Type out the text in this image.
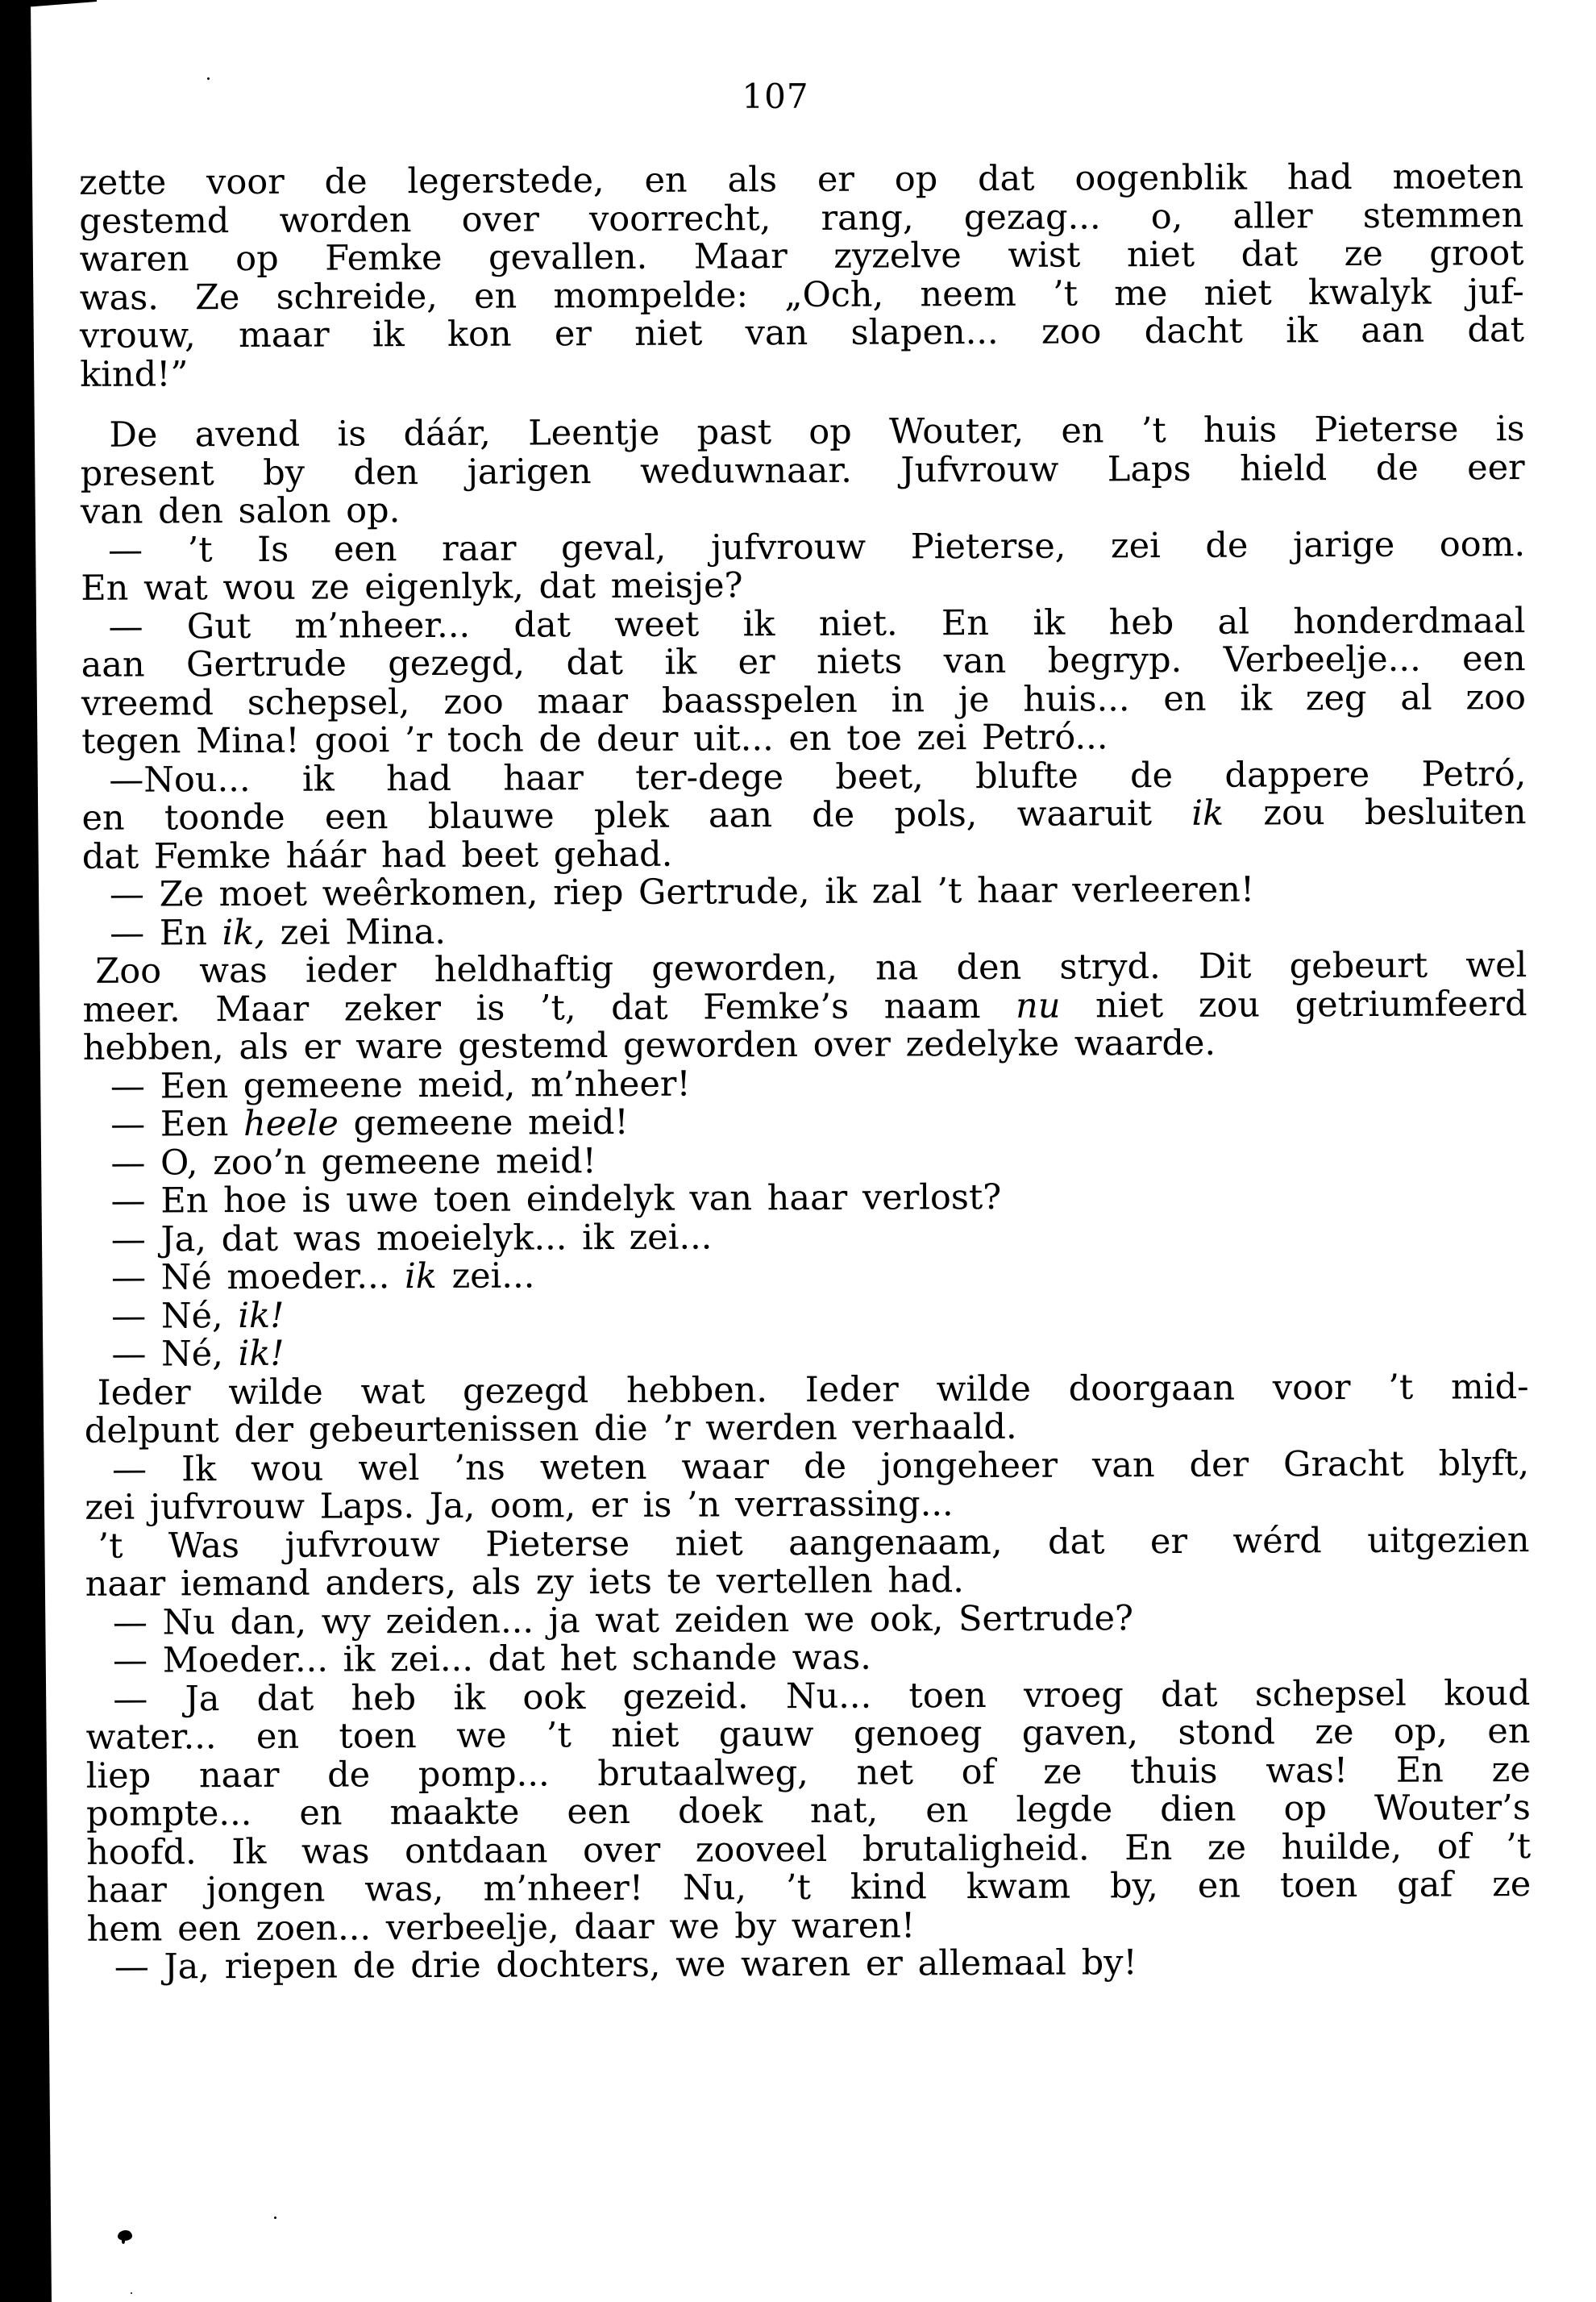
107
zette voor de legerstede, en als er op dat oogenblik had moeten
gestemd worden over voorrecht, rang, gezag... o, aller stemmen
waren op Femke gevallen. Maar zyzelve wist niet dat ze groot
was. Ze schreide, en mompelde: „Och, neem ’t me niet kwalyk juf-
vrouw, maar ik kon er niet van slapen... zoo dacht ik aan dat
kind!”
De avend is dáár, Leentje past op Wouter, en ’t huis Pieterse is
present by den jarigen weduwnaar. Jufvrouw Laps hield de eer
van den salon op.
— ’t Is een raar geval, jufvrouw Pieterse, zei de jarige oom.
En wat wou ze eigenlyk, dat meisje?
— Gut m’nheer... dat weet ik niet. En ik heb al honderdmaal
aan Gertrude gezegd, dat ik er niets van begryp. Verbeelje... een
vreemd schepsel, zoo maar baasspelen in je huis... en ik zeg al zoo
tegen Mina! gooi ’r toch de deur uit... en toe zei Petró...
—Nou... ik had haar ter-dege beet, blufte de dappere Petró,
en toonde een blauwe plek aan de pols, waaruit ik zou besluiten
dat Femke háár had beet gehad.
— Ze moet weêrkomen, riep Gertrude, ik zal ’t haar verleeren!
— En ik, zei Mina.
Zoo was ieder heldhaftig geworden, na den stryd. Dit gebeurt wel
meer. Maar zeker is ’t, dat Femke’s naam nu niet zou getriumfeerd
hebben, als er ware gestemd geworden over zedelyke waarde.
— Een gemeene meid, m’nheer!
— Een heele gemeene meid!
— O, zoo’n gemeene meid!
— En hoe is uwe toen eindelyk van haar verlost?
— Ja, dat was moeielyk... ik zei...
— Né moeder... ik zei...
— Né, ik!
— Né, ik!
Ieder wilde wat gezegd hebben. Ieder wilde doorgaan voor ’t mid-
delpunt der gebeurtenissen die ’r werden verhaald.
— Ik wou wel ’ns weten waar de jongeheer van der Gracht blyft,
zei jufvrouw Laps. Ja, oom, er is ’n verrassing...
’t Was jufvrouw Pieterse niet aangenaam, dat er wérd uitgezien
naar iemand anders, als zy iets te vertellen had.
— Nu dan, wy zeiden... ja wat zeiden we ook, Sertrude?
— Moeder... ik zei... dat het schande was.
— Ja dat heb ik ook gezeid. Nu... toen vroeg dat schepsel koud
water... en toen we ’t niet gauw genoeg gaven, stond ze op, en
liep naar de pomp... brutaalweg, net of ze thuis was! En ze
pompte... en maakte een doek nat, en legde dien op Wouter’s
hoofd. Ik was ontdaan over zooveel brutaligheid. En ze huilde, of ’t
haar jongen was, m’nheer! Nu, ’t kind kwam by, en toen gaf ze
hem een zoen... verbeelje, daar we by waren!
— Ja, riepen de drie dochters, we waren er allemaal by!
